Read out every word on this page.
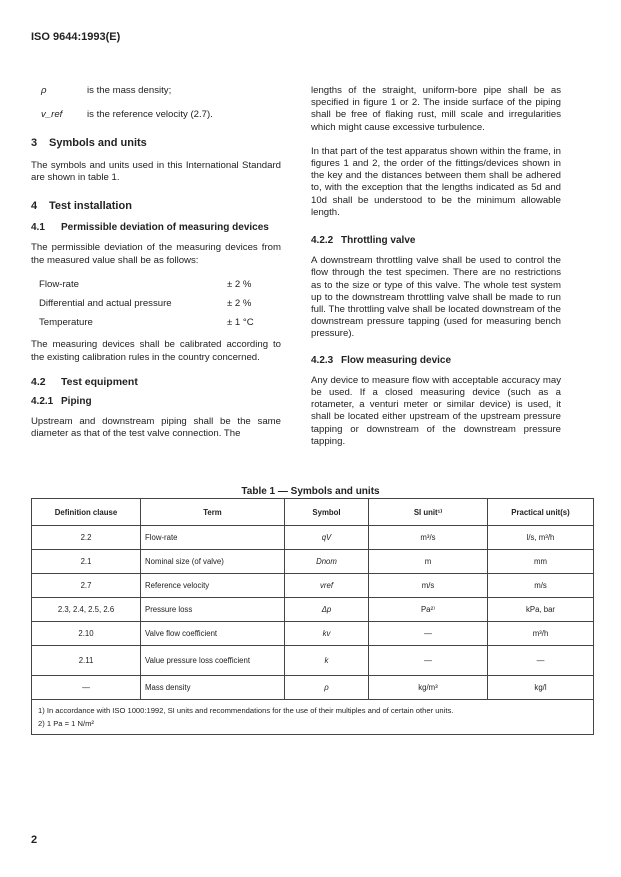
ISO 9644:1993(E)
ρ	is the mass density;
v_ref	is the reference velocity (2.7).
3 Symbols and units

The symbols and units used in this International Standard are shown in table 1.

4 Test installation
4.1 Permissible deviation of measuring devices

The permissible deviation of the measuring devices from the measured value shall be as follows:

Flow-rate	± 2 %
Differential and actual pressure	± 2 %
Temperature	± 1 °C

The measuring devices shall be calibrated according to the existing calibration rules in the country concerned.

4.2 Test equipment
4.2.1 Piping

Upstream and downstream piping shall be the same diameter as that of the test valve connection. The

lengths of the straight, uniform-bore pipe shall be as specified in figure 1 or 2. The inside surface of the piping shall be free of flaking rust, mill scale and irregularities which might cause excessive turbulence.

In that part of the test apparatus shown within the frame, in figures 1 and 2, the order of the fittings/devices shown in the key and the distances between them shall be adhered to, with the exception that the lengths indicated as 5d and 10d shall be understood to be the minimum allowable length.

4.2.2 Throttling valve

A downstream throttling valve shall be used to control the flow through the test specimen. There are no restrictions as to the size or type of this valve. The whole test system up to the downstream throttling valve shall be made to run full. The throttling valve shall be located downstream of the downstream pressure tapping (used for measuring bench pressure).

4.2.3 Flow measuring device

Any device to measure flow with acceptable accuracy may be used. If a closed measuring device (such as a rotameter, a venturi meter or similar device) is used, it shall be located either upstream of the upstream pressure tapping or downstream of the downstream pressure tapping.

Table 1 — Symbols and units
Definition clause	Term	Symbol	SI unit¹⁾	Practical unit(s)
2.2	Flow-rate	qV	m³/s	l/s, m³/h
2.1	Nominal size (of valve)	Dnom	m	mm
2.7	Reference velocity	vref	m/s	m/s
2.3, 2.4, 2.5, 2.6	Pressure loss	Δp	Pa²⁾	kPa, bar
2.10	Valve flow coefficient	kv	—	m³/h
2.11	Value pressure loss coefficient	k	—	—
—	Mass density	ρ	kg/m³	kg/l

1) In accordance with ISO 1000:1992, SI units and recommendations for the use of their multiples and of certain other units.
2) 1 Pa = 1 N/m²				
2
